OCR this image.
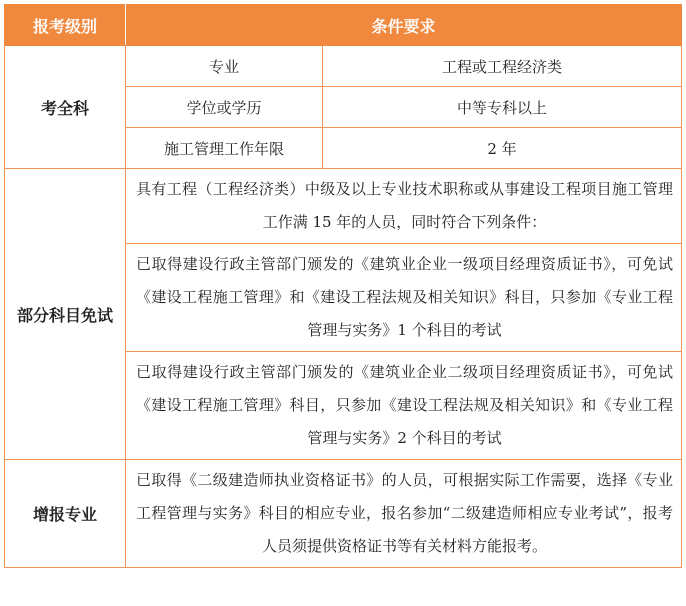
报考级别	条件要求	
考全科	专业	工程或工程经济类
	学位或学历	中等专科以上
	施工管理工作年限	2 年
部分科目免试	具有工程（工程经济类）中级及以上专业技术职称或从事建设工程项目施工管理工作满 15 年的人员，同时符合下列条件：	

	已取得建设行政主管部门颁发的《建筑业企业一级项目经理资质证书》，可免试《建设工程施工管理》和《建设工程法规及相关知识》科目，只参加《专业工程管理与实务》1 个科目的考试	

	已取得建设行政主管部门颁发的《建筑业企业二级项目经理资质证书》，可免试《建设工程施工管理》科目，只参加《建设工程法规及相关知识》和《专业工程管理与实务》2 个科目的考试	

增报专业	已取得《二级建造师执业资格证书》的人员，可根据实际工作需要，选择《专业工程管理与实务》科目的相应专业，报名参加“二级建造师相应专业考试”，报考人员须提供资格证书等有关材料方能报考。	
